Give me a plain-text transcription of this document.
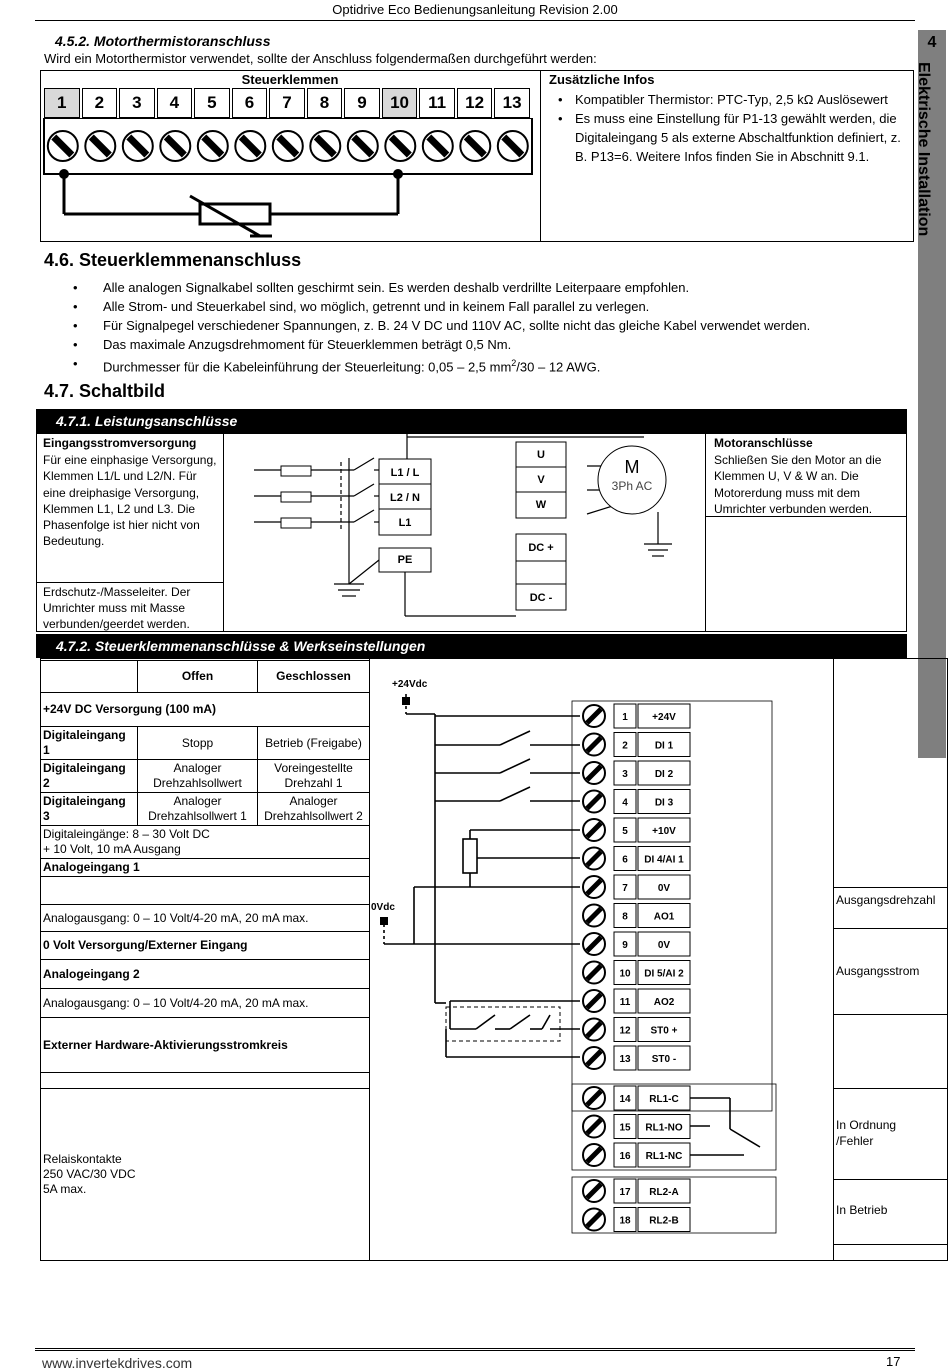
Optidrive Eco Bedienungsanleitung Revision 2.00
4
Elektrische Installation
4.5.2. Motorthermistoranschluss
Wird ein Motorthermistor verwendet, sollte der Anschluss folgendermaßen durchgeführt werden:
Steuerklemmen
1	2	3	4	5	6	7	8	9	10	11	12	13
Zusätzliche Infos
• Kompatibler Thermistor: PTC-Typ, 2,5 kΩ Auslösewert
• Es muss eine Einstellung für P1-13 gewählt werden, die Digitaleingang 5 als externe Abschaltfunktion definiert, z. B. P13=6. Weitere Infos finden Sie in Abschnitt 9.1.
4.6. Steuerklemmenanschluss
• Alle analogen Signalkabel sollten geschirmt sein. Es werden deshalb verdrillte Leiterpaare empfohlen.
• Alle Strom- und Steuerkabel sind, wo möglich, getrennt und in keinem Fall parallel zu verlegen.
• Für Signalpegel verschiedener Spannungen, z. B. 24 V DC und 110V AC, sollte nicht das gleiche Kabel verwendet werden.
• Das maximale Anzugsdrehmoment für Steuerklemmen beträgt 0,5 Nm.
• Durchmesser für die Kabeleinführung der Steuerleitung: 0,05 – 2,5 $mm^2/30 - 12$ AWG.
4.7. Schaltbild
4.7.1. Leistungsanschlüsse
Eingangsstromversorgung
Für eine einphasige Versorgung, Klemmen L1/L und L2/N. Für eine dreiphasige Versorgung, Klemmen L1, L2 und L3. Die Phasenfolge ist hier nicht von Bedeutung.
Erdschutz-/Masseleiter. Der Umrichter muss mit Masse verbunden/geerdet werden.
Motoranschlüsse
Schließen Sie den Motor an die Klemmen U, V & W an. Die Motorerdung muss mit dem Umrichter verbunden werden.
L1 / L
L2 / N
L1
PE
U
V
W
DC +
DC -
M
3Ph AC
4.7.2. Steuerklemmenanschlüsse & Werkseinstellungen
	Offen	Geschlossen
+24V DC Versorgung (100 mA)		
Digitaleingang 1	Stopp	Betrieb (Freigabe)
Digitaleingang 2	Analoger Drehzahlsollwert	Voreingestellte Drehzahl 1
Digitaleingang 3	Analoger Drehzahlsollwert 1	Analoger Drehzahlsollwert 2
Digitaleingänge: 8 – 30 Volt DC
+ 10 Volt, 10 mA Ausgang		
Analogeingang 1		

Analogausgang: 0 – 10 Volt/4-20 mA, 20 mA max.		
0 Volt Versorgung/Externer Eingang		
Analogeingang 2		
Analogausgang: 0 – 10 Volt/4-20 mA, 20 mA max.		
Externer Hardware-Aktivierungsstromkreis		

Relaiskontakte 250 VAC/30 VDC 5A max.		
1 +24V
2	DI 1
3	DI 2
4	DI 3
5 +10V
6 DI 4/AI 1
7	0V
8	AO1
9	0V
10 DI 5/AI 2
11 AO2
12 ST0 +
13 ST0 -
14 RL1-C
15 RL1-NO
16 RL1-NC
17 RL2-A
18 RL2-B
+24Vdc
0Vdc
Ausgangsdrehzahl
Ausgangsstrom
In Ordnung /Fehler
In Betrieb
www.invertekdrives.com	17
